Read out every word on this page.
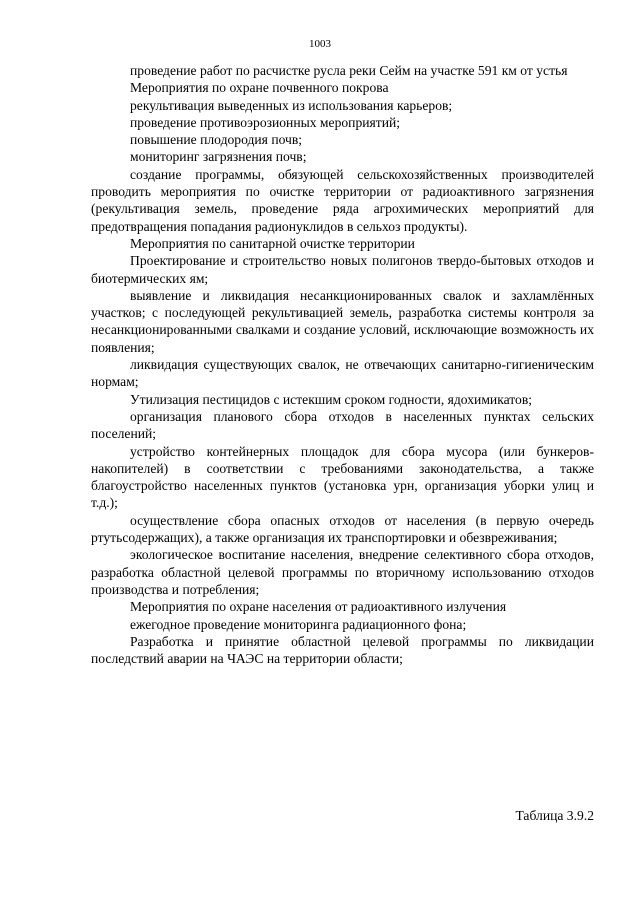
1003

проведение работ по расчистке русла реки Сейм на участке 591 км от устья

Мероприятия по охране почвенного покрова

рекультивация выведенных из использования карьеров;

проведение противоэрозионных мероприятий;

повышение плодородия почв;

мониторинг загрязнения почв;

создание программы, обязующей сельскохозяйственных производителей проводить мероприятия по очистке территории от радиоактивного загрязнения (рекультивация земель, проведение ряда агрохимических мероприятий для предотвращения попадания радионуклидов в сельхоз продукты).

Мероприятия по санитарной очистке территории

Проектирование и строительство новых полигонов твердо-бытовых отходов и биотермических ям;

выявление и ликвидация несанкционированных свалок и захламлённых участков; с последующей рекультивацией земель, разработка системы контроля за несанкционированными свалками и создание условий, исключающие возможность их появления;

ликвидация существующих свалок, не отвечающих санитарно-гигиеническим нормам;

Утилизация пестицидов с истекшим сроком годности, ядохимикатов;

организация планового сбора отходов в населенных пунктах сельских поселений;

устройство контейнерных площадок для сбора мусора (или бункеров-накопителей) в соответствии с требованиями законодательства, а также благоустройство населенных пунктов (установка урн, организация уборки улиц и т.д.);

осуществление сбора опасных отходов от населения (в первую очередь ртутьсодержащих), а также организация их транспортировки и обезвреживания;

экологическое воспитание населения, внедрение селективного сбора отходов, разработка областной целевой программы по вторичному использованию отходов производства и потребления;

Мероприятия по охране населения от радиоактивного излучения

ежегодное проведение мониторинга радиационного фона;

Разработка и принятие областной целевой программы по ликвидации последствий аварии на ЧАЭС на территории области;

Таблица 3.9.2
